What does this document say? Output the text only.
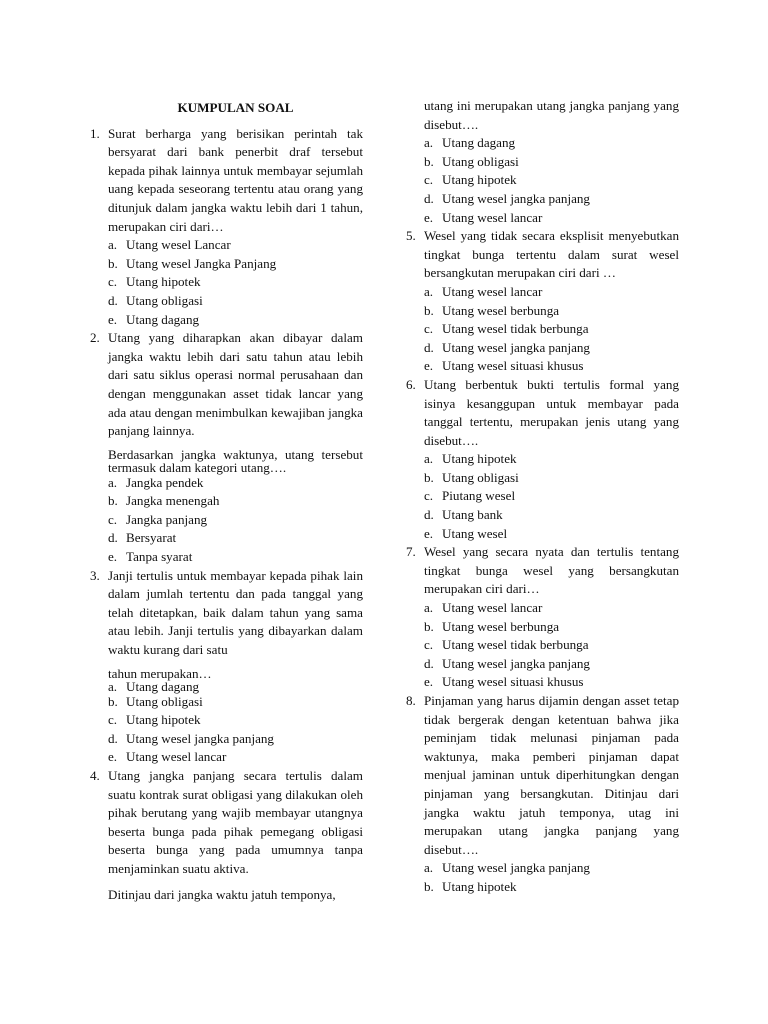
KUMPULAN SOAL
1. Surat berharga yang berisikan perintah tak bersyarat dari bank penerbit draf tersebut kepada pihak lainnya untuk membayar sejumlah uang kepada seseorang tertentu atau orang yang ditunjuk dalam jangka waktu lebih dari 1 tahun, merupakan ciri dari…

a. Utang wesel Lancar
b. Utang wesel Jangka Panjang
c. Utang hipotek
d. Utang obligasi
e. Utang dagang
2. Utang yang diharapkan akan dibayar dalam jangka waktu lebih dari satu tahun atau lebih dari satu siklus operasi normal perusahaan dan dengan menggunakan asset tidak lancar yang ada atau dengan menimbulkan kewajiban jangka panjang lainnya.

Berdasarkan jangka waktunya, utang tersebut termasuk dalam kategori utang….

a. Jangka pendek
b. Jangka menengah
c. Jangka panjang
d. Bersyarat
e. Tanpa syarat
3. Janji tertulis untuk membayar kepada pihak lain dalam jumlah tertentu dan pada tanggal yang telah ditetapkan, baik dalam tahun yang sama atau lebih. Janji tertulis yang dibayarkan dalam waktu kurang dari satu

tahun merupakan…

a. Utang dagang
b. Utang obligasi
c. Utang hipotek
d. Utang wesel jangka panjang
e. Utang wesel lancar
4. Utang jangka panjang secara tertulis dalam suatu kontrak surat obligasi yang dilakukan oleh pihak berutang yang wajib membayar utangnya beserta bunga pada pihak pemegang obligasi beserta bunga yang pada umumnya tanpa menjaminkan suatu aktiva.

Ditinjau dari jangka waktu jatuh temponya,

utang ini merupakan utang jangka panjang yang disebut….

a. Utang dagang
b. Utang obligasi
c. Utang hipotek
d. Utang wesel jangka panjang
e. Utang wesel lancar
5. Wesel yang tidak secara eksplisit menyebutkan tingkat bunga tertentu dalam surat wesel bersangkutan merupakan ciri dari …

a. Utang wesel lancar
b. Utang wesel berbunga
c. Utang wesel tidak berbunga
d. Utang wesel jangka panjang
e. Utang wesel situasi khusus
6. Utang berbentuk bukti tertulis formal yang isinya kesanggupan untuk membayar pada tanggal tertentu, merupakan jenis utang yang disebut….

a. Utang hipotek
b. Utang obligasi
c. Piutang wesel
d. Utang bank
e. Utang wesel
7. Wesel yang secara nyata dan tertulis tentang tingkat bunga wesel yang bersangkutan merupakan ciri dari…

a. Utang wesel lancar
b. Utang wesel berbunga
c. Utang wesel tidak berbunga
d. Utang wesel jangka panjang
e. Utang wesel situasi khusus
8. Pinjaman yang harus dijamin dengan asset tetap tidak bergerak dengan ketentuan bahwa jika peminjam tidak melunasi pinjaman pada waktunya, maka pemberi pinjaman dapat menjual jaminan untuk diperhitungkan dengan pinjaman yang bersangkutan. Ditinjau dari jangka waktu jatuh temponya, utag ini merupakan utang jangka panjang yang disebut….

a. Utang wesel jangka panjang
b. Utang hipotek
